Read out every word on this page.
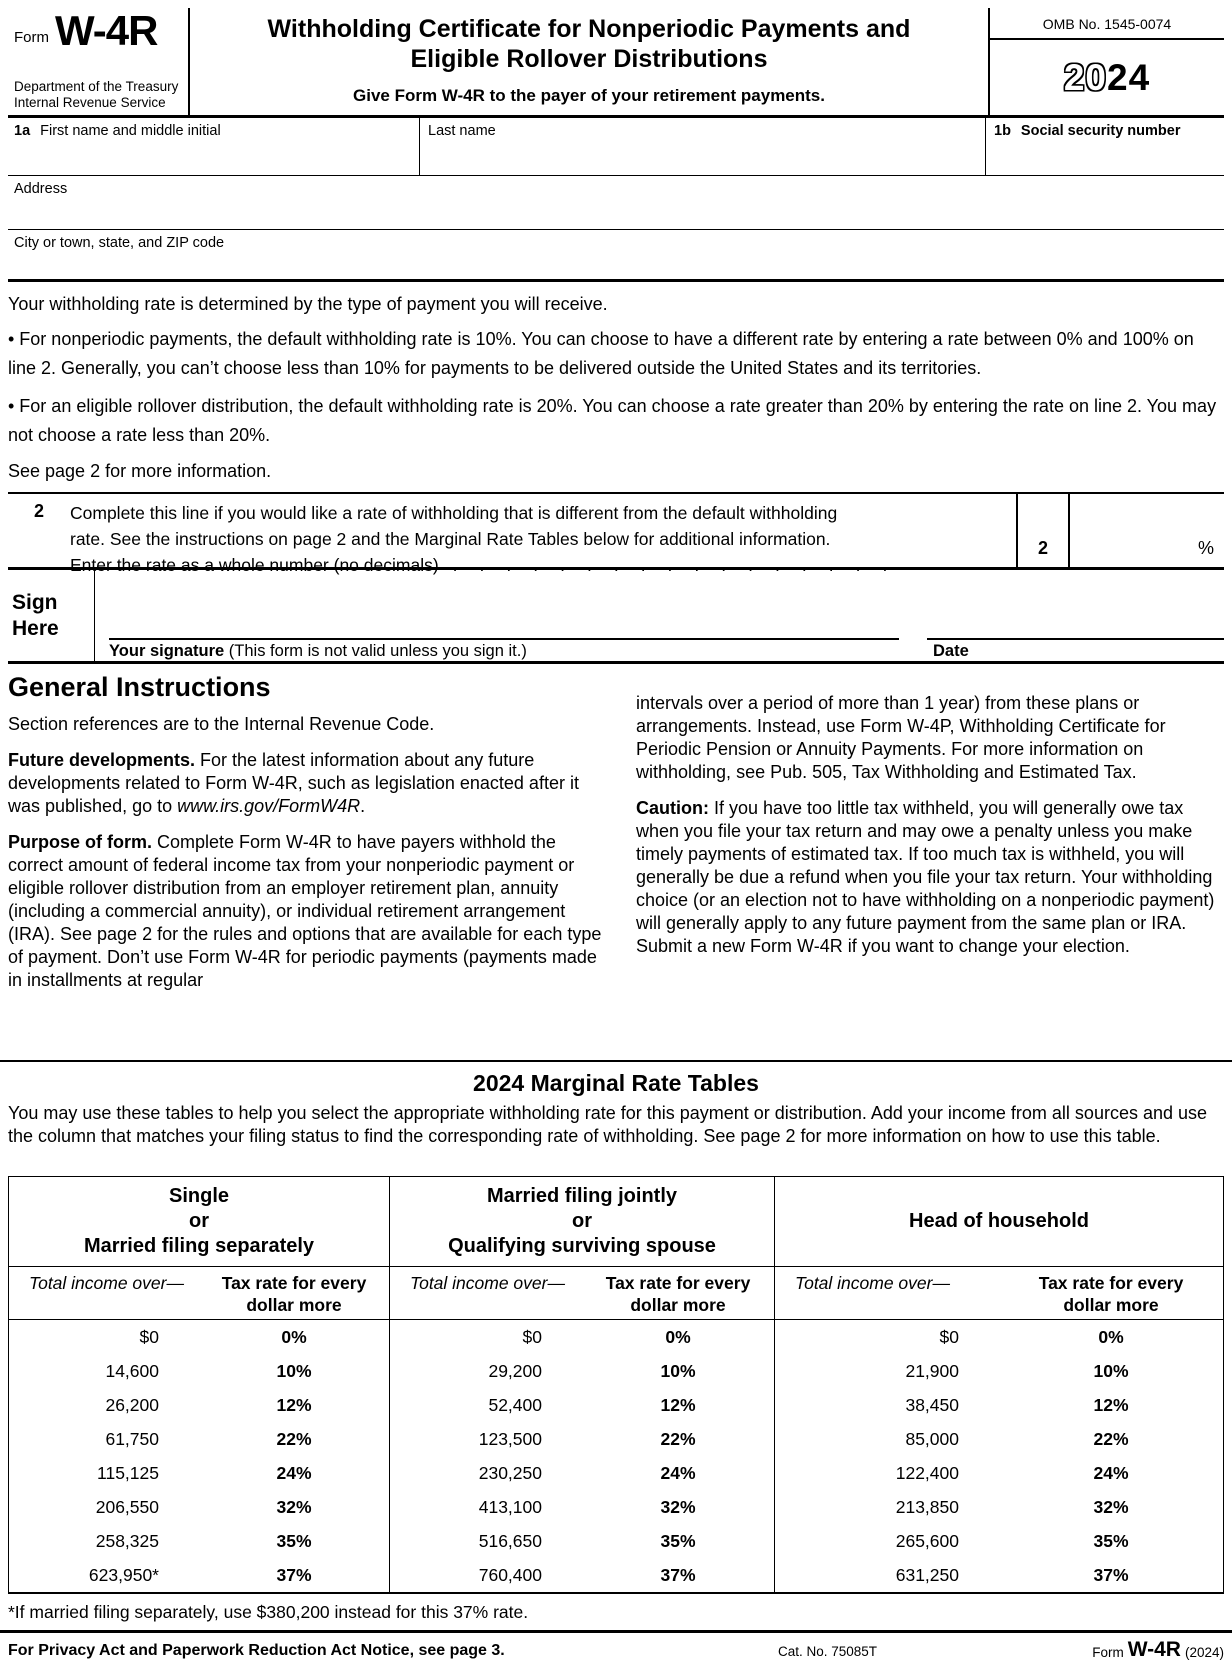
Form W-4R
Department of the Treasury
Internal Revenue Service
Withholding Certificate for Nonperiodic Payments and
Eligible Rollover Distributions
Give Form W-4R to the payer of your retirement payments.
OMB No. 1545-0074
20 24
1a First name and middle initial	Last name	1b Social security number
Address
City or town, state, and ZIP code
Your withholding rate is determined by the type of payment you will receive.
• For nonperiodic payments, the default withholding rate is 10%. You can choose to have a different rate by entering a rate between 0% and 100% on line 2. Generally, you can’t choose less than 10% for payments to be delivered outside the United States and its territories.
• For an eligible rollover distribution, the default withholding rate is 20%. You can choose a rate greater than 20% by entering the rate on line 2. You may not choose a rate less than 20%.
See page 2 for more information.
2	Complete this line if you would like a rate of withholding that is different from the default withholding
rate. See the instructions on page 2 and the Marginal Rate Tables below for additional information.
Enter the rate as a whole number (no decimals) .................
2	%
Sign
Here
Your signature (This form is not valid unless you sign it.)	Date
General Instructions

Section references are to the Internal Revenue Code.

Future developments. For the latest information about any future developments related to Form W-4R, such as legislation enacted after it was published, go to www.irs.gov/FormW4R.

Purpose of form. Complete Form W-4R to have payers withhold the correct amount of federal income tax from your nonperiodic payment or eligible rollover distribution from an employer retirement plan, annuity (including a commercial annuity), or individual retirement arrangement (IRA). See page 2 for the rules and options that are available for each type of payment. Don’t use Form W-4R for periodic payments (payments made in installments at regular

intervals over a period of more than 1 year) from these plans or arrangements. Instead, use Form W-4P, Withholding Certificate for Periodic Pension or Annuity Payments. For more information on withholding, see Pub. 505, Tax Withholding and Estimated Tax.

Caution: If you have too little tax withheld, you will generally owe tax when you file your tax return and may owe a penalty unless you make timely payments of estimated tax. If too much tax is withheld, you will generally be due a refund when you file your tax return. Your withholding choice (or an election not to have withholding on a nonperiodic payment) will generally apply to any future payment from the same plan or IRA. Submit a new Form W-4R if you want to change your election.

2024 Marginal Rate Tables
You may use these tables to help you select the appropriate withholding rate for this payment or distribution. Add your income from all sources and use the column that matches your filing status to find the corresponding rate of withholding. See page 2 for more information on how to use this table.
Single
or
Married filing separately
Total income over—	Tax rate for every dollar more
$0	0%
14,600	10%
26,200	12%
61,750	22%
115,125	24%
206,550	32%
258,325	35%
623,950*	37%
Married filing jointly
or
Qualifying surviving spouse
Total income over—	Tax rate for every dollar more
$0	0%
29,200	10%
52,400	12%
123,500	22%
230,250	24%
413,100	32%
516,650	35%
760,400	37%
Head of household
Total income over—	Tax rate for every dollar more
$0	0%
21,900	10%
38,450	12%
85,000	22%
122,400	24%
213,850	32%
265,600	35%
631,250	37%
*If married filing separately, use $380,200 instead for this 37% rate.
For Privacy Act and Paperwork Reduction Act Notice, see page 3.	Cat. No. 75085T	Form W-4R (2024)
